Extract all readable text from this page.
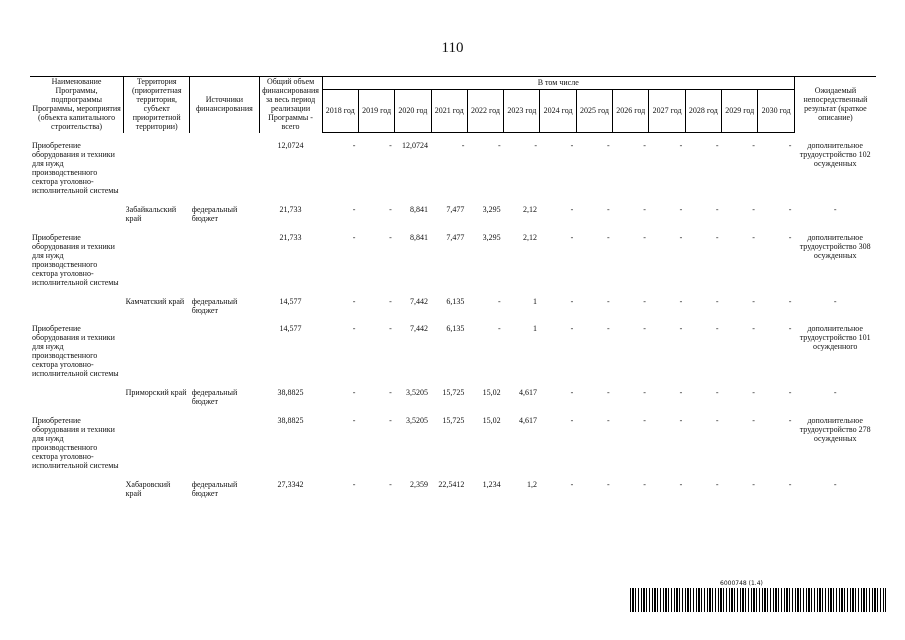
110
Наименование Программы, подпрограммы Программы, мероприятия (объекта капитального строительства)	Территория (приоритетная территория, субъект приоритетной территории)	Источники финансирования	Общий объем финансирования за весь период реализации Программы - всего	В том числе													Ожидаемый непосредственный результат (краткое описание)
				2018 год	2019 год	2020 год	2021 год	2022 год	2023 год	2024 год	2025 год	2026 год	2027 год	2028 год	2029 год	2030 год	

Приобретение оборудования и техники для нужд производственного сектора уголовно-исполнительной системы			12,0724	-	-	12,0724	-	-	-	-	-	-	-	-	-	-	дополнительное трудоустройство 102 осужденных

	Забайкальский край	федеральный бюджет	21,733	-	-	8,841	7,477	3,295	2,12	-	-	-	-	-	-	-	-

Приобретение оборудования и техники для нужд производственного сектора уголовно-исполнительной системы			21,733	-	-	8,841	7,477	3,295	2,12	-	-	-	-	-	-	-	дополнительное трудоустройство 308 осужденных

	Камчатский край	федеральный бюджет	14,577	-	-	7,442	6,135	-	1	-	-	-	-	-	-	-	-

Приобретение оборудования и техники для нужд производственного сектора уголовно-исполнительной системы			14,577	-	-	7,442	6,135	-	1	-	-	-	-	-	-	-	дополнительное трудоустройство 101 осужденного

	Приморский край	федеральный бюджет	38,8825	-	-	3,5205	15,725	15,02	4,617	-	-	-	-	-	-	-	-

Приобретение оборудования и техники для нужд производственного сектора уголовно-исполнительной системы			38,8825	-	-	3,5205	15,725	15,02	4,617	-	-	-	-	-	-	-	дополнительное трудоустройство 278 осужденных

	Хабаровский край	федеральный бюджет	27,3342	-	-	2,359	22,5412	1,234	1,2	-	-	-	-	-	-	-	-

6000748 (1.4)
